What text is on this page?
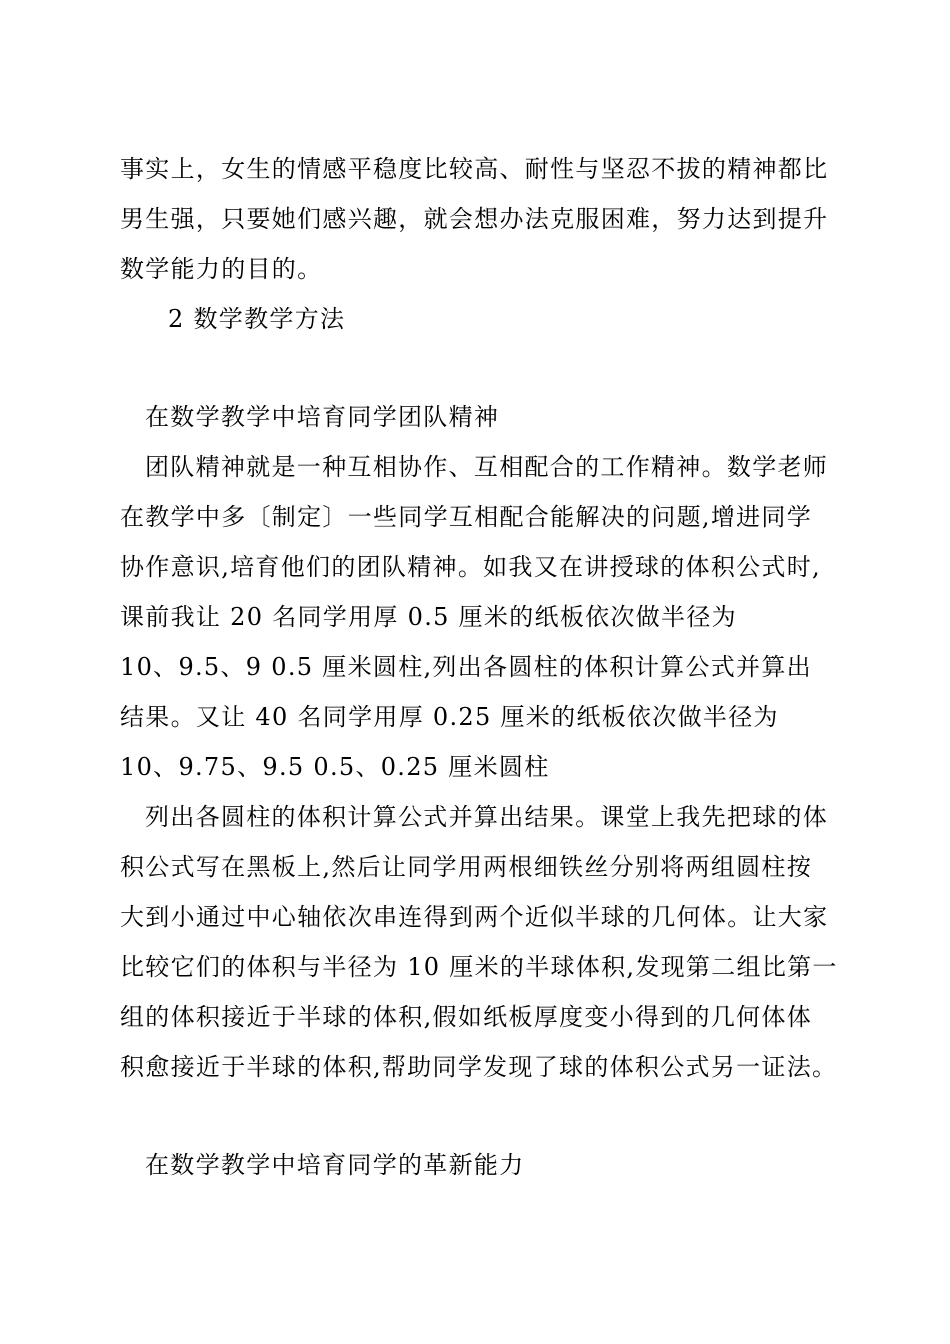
事实上，女生的情感平稳度比较高、耐性与坚忍不拔的精神都比
男生强，只要她们感兴趣，就会想办法克服困难，努力达到提升
数学能力的目的。
2 数学教学方法
在数学教学中培育同学团队精神
团队精神就是一种互相协作、互相配合的工作精神。数学老师
在教学中多〔制定〕一些同学互相配合能解决的问题,增进同学
协作意识,培育他们的团队精神。如我又在讲授球的体积公式时,
课前我让 20 名同学用厚 0.5 厘米的纸板依次做半径为
10、9.5、9 0.5 厘米圆柱,列出各圆柱的体积计算公式并算出
结果。又让 40 名同学用厚 0.25 厘米的纸板依次做半径为
10、9.75、9.5 0.5、0.25 厘米圆柱
列出各圆柱的体积计算公式并算出结果。课堂上我先把球的体
积公式写在黑板上,然后让同学用两根细铁丝分别将两组圆柱按
大到小通过中心轴依次串连得到两个近似半球的几何体。让大家
比较它们的体积与半径为 10 厘米的半球体积,发现第二组比第一
组的体积接近于半球的体积,假如纸板厚度变小得到的几何体体
积愈接近于半球的体积,帮助同学发现了球的体积公式另一证法。
在数学教学中培育同学的革新能力
